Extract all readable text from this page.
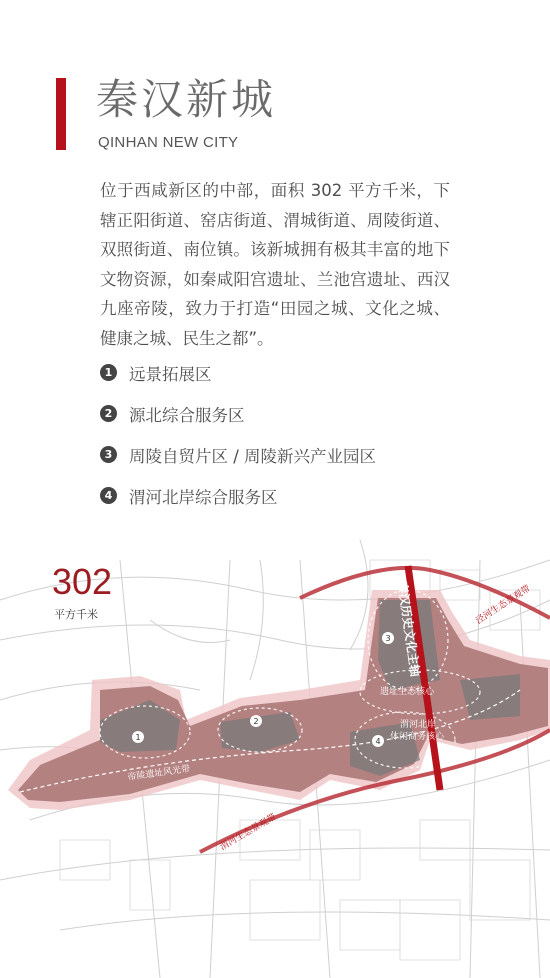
秦汉新城
QINHAN NEW CITY

位于西咸新区的中部，面积 302 平方千米，下辖正阳街道、窑店街道、渭城街道、周陵街道、双照街道、南位镇。该新城拥有极其丰富的地下文物资源，如秦咸阳宫遗址、兰池宫遗址、西汉九座帝陵，致力于打造“田园之城、文化之城、健康之城、民生之都”。

1 远景拓展区
2 源北综合服务区
3 周陵自贸片区 / 周陵新兴产业园区
4 渭河北岸综合服务区
1
2
3
4
秦汉历史文化主轴
遗址生态核心
渭河北岸
休闲商务核心
帝陵遗址风光带
泾河生态景观带
渭河生态景观带
302
平方千米
